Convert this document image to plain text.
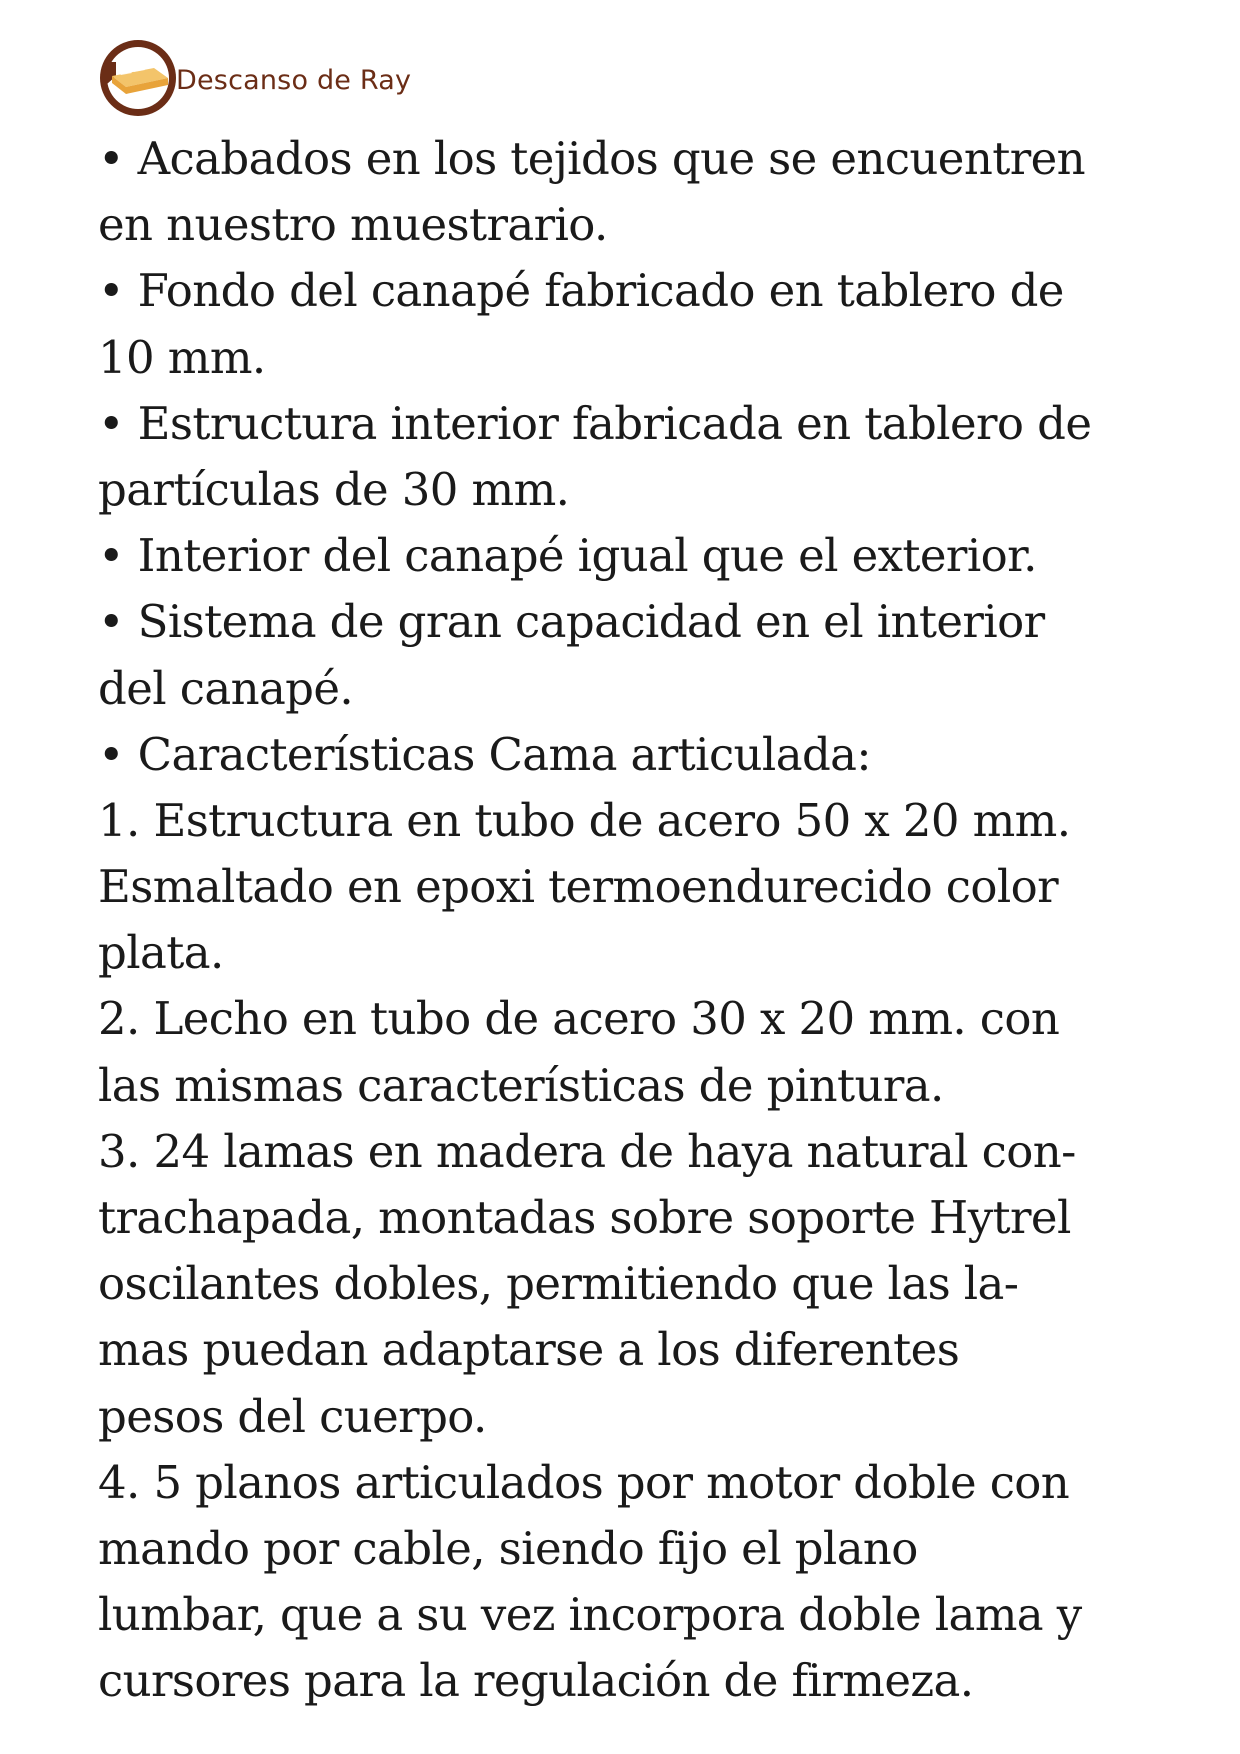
Descanso de Ray
• Acabados en los tejidos que se encuentren
en nuestro muestrario.
• Fondo del canapé fabricado en tablero de
10 mm.
• Estructura interior fabricada en tablero de
partículas de 30 mm.
• Interior del canapé igual que el exterior.
• Sistema de gran capacidad en el interior
del canapé.
• Características Cama articulada:
1. Estructura en tubo de acero 50 x 20 mm.
Esmaltado en epoxi termoendurecido color
plata.
2. Lecho en tubo de acero 30 x 20 mm. con
las mismas características de pintura.
3. 24 lamas en madera de haya natural con-
trachapada, montadas sobre soporte Hytrel
oscilantes dobles, permitiendo que las la-
mas puedan adaptarse a los diferentes
pesos del cuerpo.
4. 5 planos articulados por motor doble con
mando por cable, siendo fijo el plano
lumbar, que a su vez incorpora doble lama y
cursores para la regulación de firmeza.
